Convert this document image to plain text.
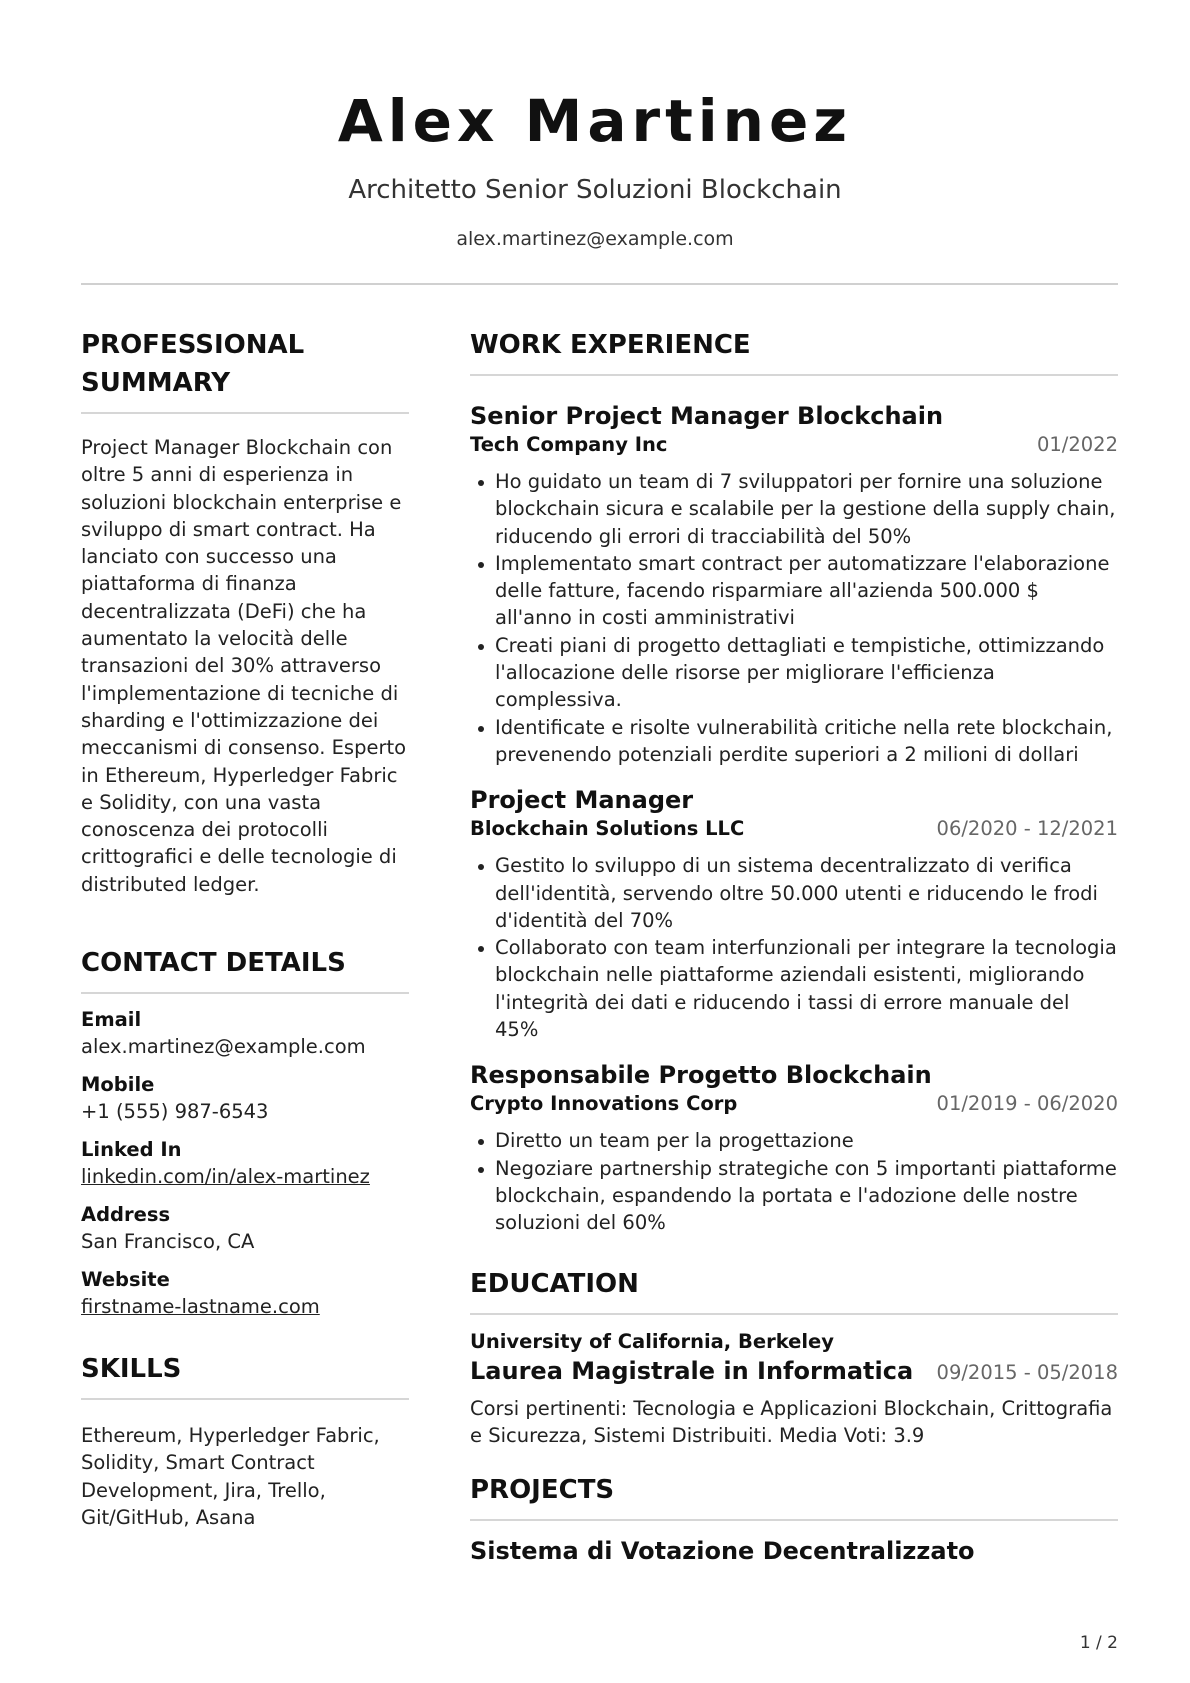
Alex Martinez
Architetto Senior Soluzioni Blockchain
alex.martinez@example.com
PROFESSIONAL SUMMARY

Project Manager Blockchain con oltre 5 anni di esperienza in soluzioni blockchain enterprise e sviluppo di smart contract. Ha lanciato con successo una piattaforma di finanza decentralizzata (DeFi) che ha aumentato la velocità delle transazioni del 30% attraverso l'implementazione di tecniche di sharding e l'ottimizzazione dei meccanismi di consenso. Esperto in Ethereum, Hyperledger Fabric e Solidity, con una vasta conoscenza dei protocolli crittografici e delle tecnologie di distributed ledger.

CONTACT DETAILS
Email
alex.martinez@example.com
Mobile
+1 (555) 987-6543
Linked In
linkedin.com/in/alex-martinez
Address
San Francisco, CA
Website
firstname-lastname.com
SKILLS

Ethereum, Hyperledger Fabric, Solidity, Smart Contract Development, Jira, Trello, Git/GitHub, Asana

WORK EXPERIENCE
Senior Project Manager Blockchain
Tech Company Inc	01/2022
Ho guidato un team di 7 sviluppatori per fornire una soluzione blockchain sicura e scalabile per la gestione della supply chain, riducendo gli errori di tracciabilità del 50%
Implementato smart contract per automatizzare l'elaborazione delle fatture, facendo risparmiare all'azienda 500.000 $ all'anno in costi amministrativi
Creati piani di progetto dettagliati e tempistiche, ottimizzando l'allocazione delle risorse per migliorare l'efficienza complessiva.
Identificate e risolte vulnerabilità critiche nella rete blockchain, prevenendo potenziali perdite superiori a 2 milioni di dollari
Project Manager
Blockchain Solutions LLC	06/2020 - 12/2021
Gestito lo sviluppo di un sistema decentralizzato di verifica dell'identità, servendo oltre 50.000 utenti e riducendo le frodi d'identità del 70%
Collaborato con team interfunzionali per integrare la tecnologia blockchain nelle piattaforme aziendali esistenti, migliorando l'integrità dei dati e riducendo i tassi di errore manuale del 45%
Responsabile Progetto Blockchain
Crypto Innovations Corp	01/2019 - 06/2020
Diretto un team per la progettazione
Negoziare partnership strategiche con 5 importanti piattaforme blockchain, espandendo la portata e l'adozione delle nostre soluzioni del 60%
EDUCATION
University of California, Berkeley
Laurea Magistrale in Informatica 09/2015 - 05/2018
Corsi pertinenti: Tecnologia e Applicazioni Blockchain, Crittografia e Sicurezza, Sistemi Distribuiti. Media Voti: 3.9
PROJECTS
Sistema di Votazione Decentralizzato
1 / 2
